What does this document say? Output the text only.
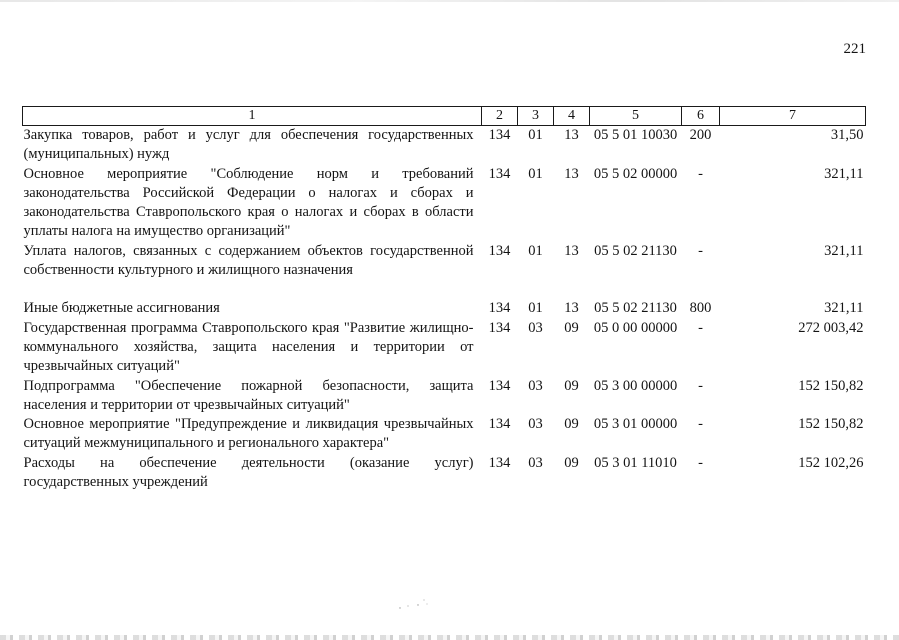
221
1	2	3	4	5	6	7
Закупка товаров, работ и услуг для обеспечения государственных (муниципальных) нужд	134	01	13	05 5 01 10030	200	31,50
Основное мероприятие "Соблюдение норм и требований законодательства Российской Федерации о налогах и сборах и законодательства Ставропольского края о налогах и сборах в области уплаты налога на имущество организаций"	134	01	13	05 5 02 00000	-	321,11
Уплата налогов, связанных с содержанием объектов государственной собственности культурного и жилищного назначения	134	01	13	05 5 02 21130	-	321,11

Иные бюджетные ассигнования	134	01	13	05 5 02 21130	800	321,11
Государственная программа Ставропольского края "Развитие жилищно-коммунального хозяйства, защита населения и территории от чрезвычайных ситуаций"	134	03	09	05 0 00 00000	-	272 003,42
Подпрограмма "Обеспечение пожарной безопасности, защита населения и территории от чрезвычайных ситуаций"	134	03	09	05 3 00 00000	-	152 150,82
Основное мероприятие "Предупреждение и ликвидация чрезвычайных ситуаций межмуниципального и регионального характера"	134	03	09	05 3 01 00000	-	152 150,82
Расходы на обеспечение деятельности (оказание услуг) государственных учреждений	134	03	09	05 3 01 11010	-	152 102,26
